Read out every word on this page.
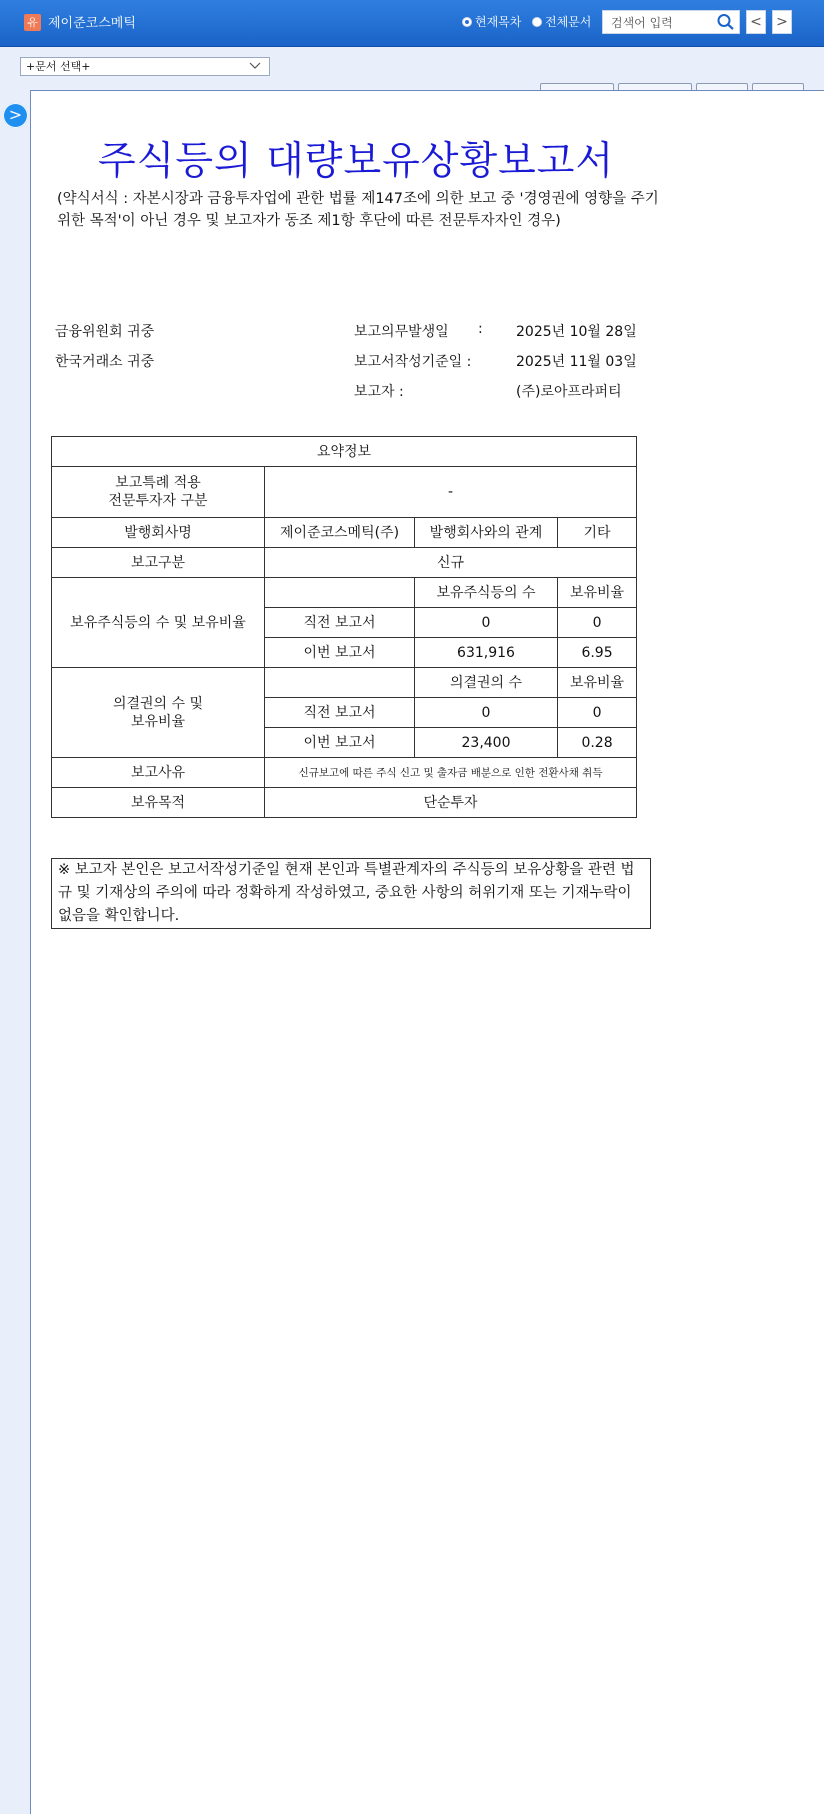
유 제이준코스메틱	현재목차 전체문서 검색어 입력	< >
+문서 선택+
>
주식등의 대량보유상황보고서
(약식서식 : 자본시장과 금융투자업에 관한 법률 제147조에 의한 보고 중 '경영권에 영향을 주기 위한 목적'이 아닌 경우 및 보고자가 동조 제1항 후단에 따른 전문투자자인 경우)
금융위원회 귀중
한국거래소 귀중
보고의무발생일 : 2025년 10월 28일
보고서작성기준일 :	2025년 11월 03일
보고자 :	(주)로아프라퍼티
요약정보			

보고특례 적용
전문투자자 구분	-		
발행회사명	제이준코스메틱(주)	발행회사와의 관계	기타
보고구분	신규		
보유주식등의 수 및 보유비율		보유주식등의 수	보유비율
	직전 보고서	0	0
	이번 보고서	631,916	6.95

의결권의 수 및
보유비율		의결권의 수	보유비율
	직전 보고서	0	0
	이번 보고서	23,400	0.28
보고사유	신규보고에 따른 주식 신고 및 출자금 배분으로 인한 전환사채 취득		
보유목적	단순투자		
※ 보고자 본인은 보고서작성기준일 현재 본인과 특별관계자의 주식등의 보유상황을 관련 법규 및 기재상의 주의에 따라 정확하게 작성하였고, 중요한 사항의 허위기재 또는 기재누락이 없음을 확인합니다.
